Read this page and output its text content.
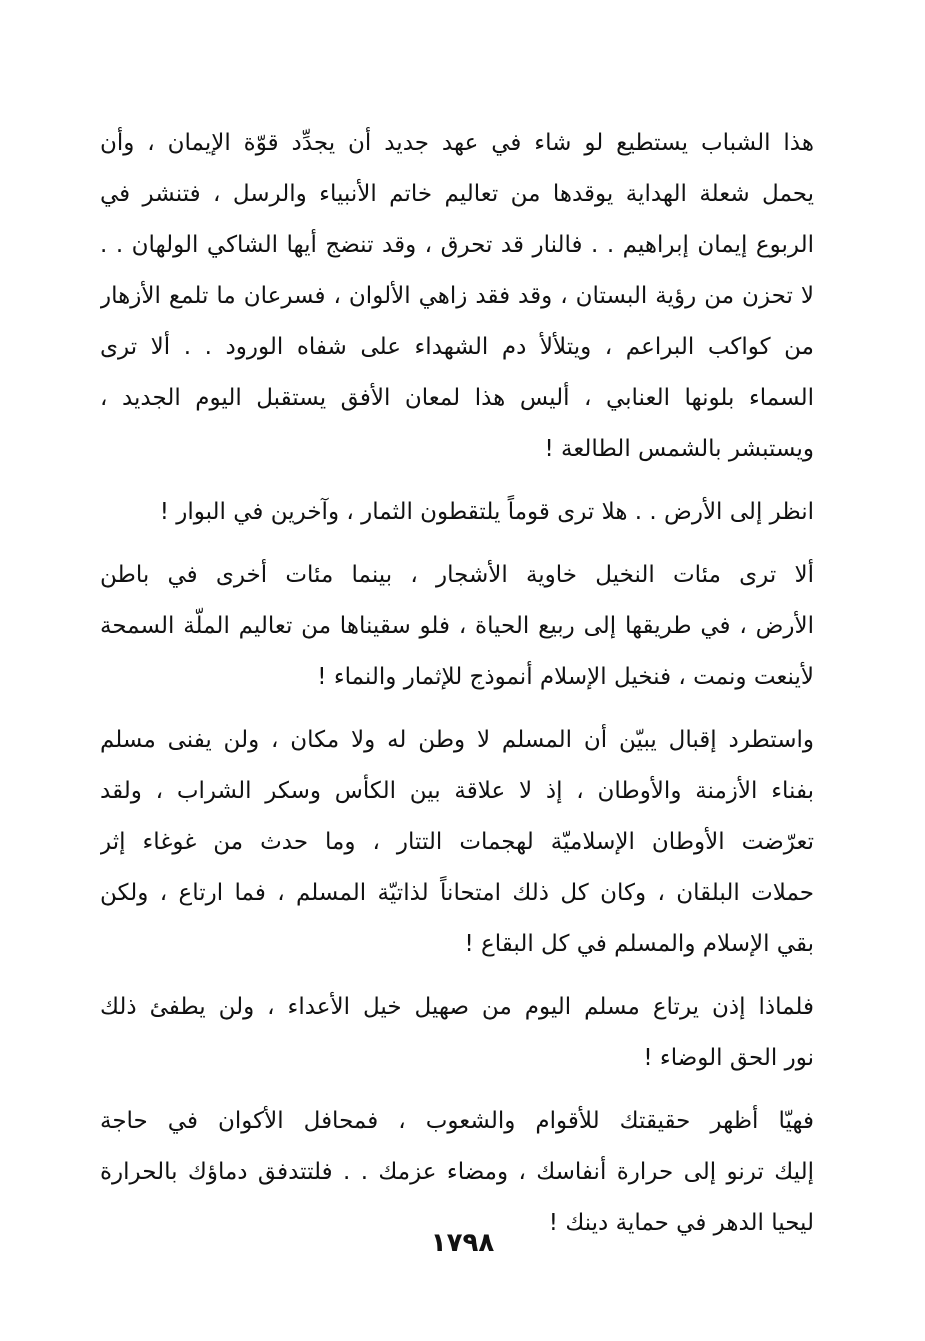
هذا الشباب يستطيع لو شاء في عهد جديد أن يجدِّد قوّة الإيمان ، وأن
يحمل شعلة الهداية يوقدها من تعاليم خاتم الأنبياء والرسل ، فتنشر في
الربوع إيمان إبراهيم . . فالنار قد تحرق ، وقد تنضج أيها الشاكي الولهان . .
لا تحزن من رؤية البستان ، وقد فقد زاهي الألوان ، فسرعان ما تلمع الأزهار
من كواكب البراعم ، ويتلألأ دم الشهداء على شفاه الورود . . ألا ترى
السماء بلونها العنابي ، أليس هذا لمعان الأفق يستقبل اليوم الجديد ،
ويستبشر بالشمس الطالعة !
انظر إلى الأرض . . هلا ترى قوماً يلتقطون الثمار ، وآخرين في البوار !
ألا ترى مئات النخيل خاوية الأشجار ، بينما مئات أخرى في باطن
الأرض ، في طريقها إلى ربيع الحياة ، فلو سقيناها من تعاليم الملّة السمحة
لأينعت ونمت ، فنخيل الإسلام أنموذج للإثمار والنماء !
واستطرد إقبال يبيّن أن المسلم لا وطن له ولا مكان ، ولن يفنى مسلم
بفناء الأزمنة والأوطان ، إذ لا علاقة بين الكأس وسكر الشراب ، ولقد
تعرّضت الأوطان الإسلاميّة لهجمات التتار ، وما حدث من غوغاء إثر
حملات البلقان ، وكان كل ذلك امتحاناً لذاتيّة المسلم ، فما ارتاع ، ولكن
بقي الإسلام والمسلم في كل البقاع !
فلماذا إذن يرتاع مسلم اليوم من صهيل خيل الأعداء ، ولن يطفئ ذلك
نور الحق الوضاء !
فهيّا أظهر حقيقتك للأقوام والشعوب ، فمحافل الأكوان في حاجة
إليك ترنو إلى حرارة أنفاسك ، ومضاء عزمك . . فلتتدفق دماؤك بالحرارة
ليحيا الدهر في حماية دينك !
١٧٩٨
